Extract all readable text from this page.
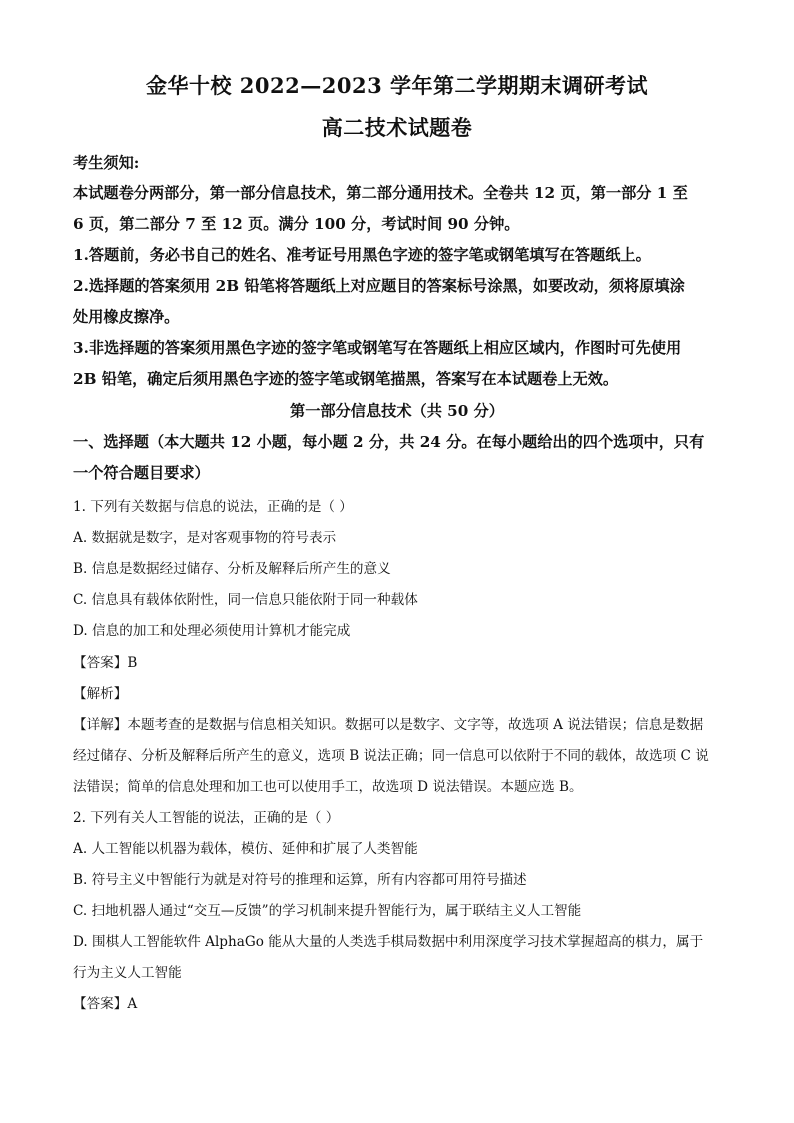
金华十校 2022—2023 学年第二学期期末调研考试
高二技术试题卷
考生须知:
本试题卷分两部分，第一部分信息技术，第二部分通用技术。全卷共 12 页，第一部分 1 至
6 页，第二部分 7 至 12 页。满分 100 分，考试时间 90 分钟。
1.答题前，务必书自己的姓名、准考证号用黑色字迹的签字笔或钢笔填写在答题纸上。
2.选择题的答案须用 2B 铅笔将答题纸上对应题目的答案标号涂黑，如要改动，须将原填涂
处用橡皮擦净。
3.非选择题的答案须用黑色字迹的签字笔或钢笔写在答题纸上相应区域内，作图时可先使用
2B 铅笔，确定后须用黑色字迹的签字笔或钢笔描黑，答案写在本试题卷上无效。
第一部分信息技术（共 50 分）
一、选择题（本大题共 12 小题，每小题 2 分，共 24 分。在每小题给出的四个选项中，只有
一个符合题目要求）
1. 下列有关数据与信息的说法，正确的是（ ）
A. 数据就是数字，是对客观事物的符号表示
B. 信息是数据经过储存、分析及解释后所产生的意义
C. 信息具有载体依附性，同一信息只能依附于同一种载体
D. 信息的加工和处理必须使用计算机才能完成
【答案】B
【解析】
【详解】本题考查的是数据与信息相关知识。数据可以是数字、文字等，故选项 A 说法错误；信息是数据
经过储存、分析及解释后所产生的意义，选项 B 说法正确；同一信息可以依附于不同的载体，故选项 C 说
法错误；简单的信息处理和加工也可以使用手工，故选项 D 说法错误。本题应选 B。
2. 下列有关人工智能的说法，正确的是（ ）
A. 人工智能以机器为载体，模仿、延伸和扩展了人类智能
B. 符号主义中智能行为就是对符号的推理和运算，所有内容都可用符号描述
C. 扫地机器人通过“交互—反馈”的学习机制来提升智能行为，属于联结主义人工智能
D. 围棋人工智能软件 AlphaGo 能从大量的人类选手棋局数据中利用深度学习技术掌握超高的棋力，属于
行为主义人工智能
【答案】A
